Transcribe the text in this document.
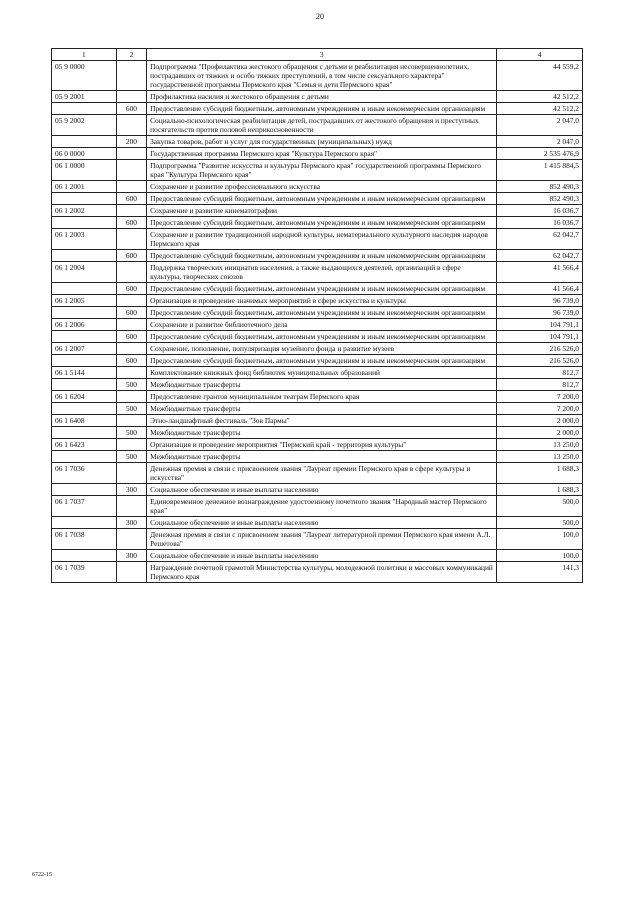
20
1	2	3	4
05 9 0000		Подпрограмма "Профилактика жестокого обращения с детьми и реабилитация несовершеннолетних, пострадавших от тяжких и особо тяжких преступлений, в том числе сексуального характера" государственной программы Пермского края "Семья и дети Пермского края"	44 559,2
05 9 2001		Профилактика насилия и жестокого обращения с детьми	42 512,2
	600	Предоставление субсидий бюджетным, автономным учреждениям и иным некоммерческим организациям	42 512,2
05 9 2002		Социально-психологическая реабилитация детей, пострадавших от жестокого обращения и преступных посягательств против половой неприкосновенности	2 047,0
	200	Закупка товаров, работ и услуг для государственных (муниципальных) нужд	2 047,0
06 0 0000		Государственная программа Пермского края "Культура Пермского края"	2 535 476,9
06 1 0000		Подпрограмма "Развитие искусства и культуры Пермского края" государственной программы Пермского края "Культура Пермского края"	1 415 884,5
06 1 2001		Сохранение и развитие профессионального искусства	852 490,3
	600	Предоставление субсидий бюджетным, автономным учреждениям и иным некоммерческим организациям	852 490,3
06 1 2002		Сохранение и развитие кинематографии	16 036,7
	600	Предоставление субсидий бюджетным, автономным учреждениям и иным некоммерческим организациям	16 036,7
06 1 2003		Сохранение и развитие традиционной народной культуры, нематериального культурного наследия народов Пермского края	62 042,7
	600	Предоставление субсидий бюджетным, автономным учреждениям и иным некоммерческим организациям	62 042,7
06 1 2004		Поддержка творческих инициатив населения, а также выдающихся деятелей, организаций в сфере культуры, творческих союзов	41 566,4
	600	Предоставление субсидий бюджетным, автономным учреждениям и иным некоммерческим организациям	41 566,4
06 1 2005		Организация и проведение значимых мероприятий в сфере искусства и культуры	96 739,0
	600	Предоставление субсидий бюджетным, автономным учреждениям и иным некоммерческим организациям	96 739,0
06 1 2006		Сохранение и развитие библиотечного дела	104 791,1
	600	Предоставление субсидий бюджетным, автономным учреждениям и иным некоммерческим организациям	104 791,1
06 1 2007		Сохранение, пополнение, популяризация музейного фонда и развитие музеев	216 526,0
	600	Предоставление субсидий бюджетным, автономным учреждениям и иным некоммерческим организациям	216 526,0
06 1 5144		Комплектование книжных фонд библиотек муниципальных образований	812,7
	500	Межбюджетные трансферты	812,7
06 1 6204		Предоставление грантов муниципальным театрам Пермского края	7 200,0
	500	Межбюджетные трансферты	7 200,0
06 1 6408		Этно-ландшафтный фестиваль "Зов Пармы"	2 000,0
	500	Межбюджетные трансферты	2 000,0
06 1 6423		Организация и проведение мероприятия "Пермский край - территория культуры"	13 250,0
	500	Межбюджетные трансферты	13 250,0
06 1 7036		Денежная премия в связи с присвоением звания "Лауреат премии Пермского края в сфере культуры и искусства"	1 688,3
	300	Социальное обеспечение и иные выплаты населению	1 688,3
06 1 7037		Единовременное денежное вознаграждение удостоенному почетного звания "Народный мастер Пермского края"	500,0
	300	Социальное обеспечение и иные выплаты населению	500,0
06 1 7038		Денежная премия в связи с присвоением звания "Лауреат литературной премии Пермского края имени А.Л. Решетова"	100,0
	300	Социальное обеспечение и иные выплаты населению	100,0
06 1 7039		Награждение почетной грамотой Министерства культуры, молодежной политики и массовых коммуникаций Пермского края	141,3
6722-15
